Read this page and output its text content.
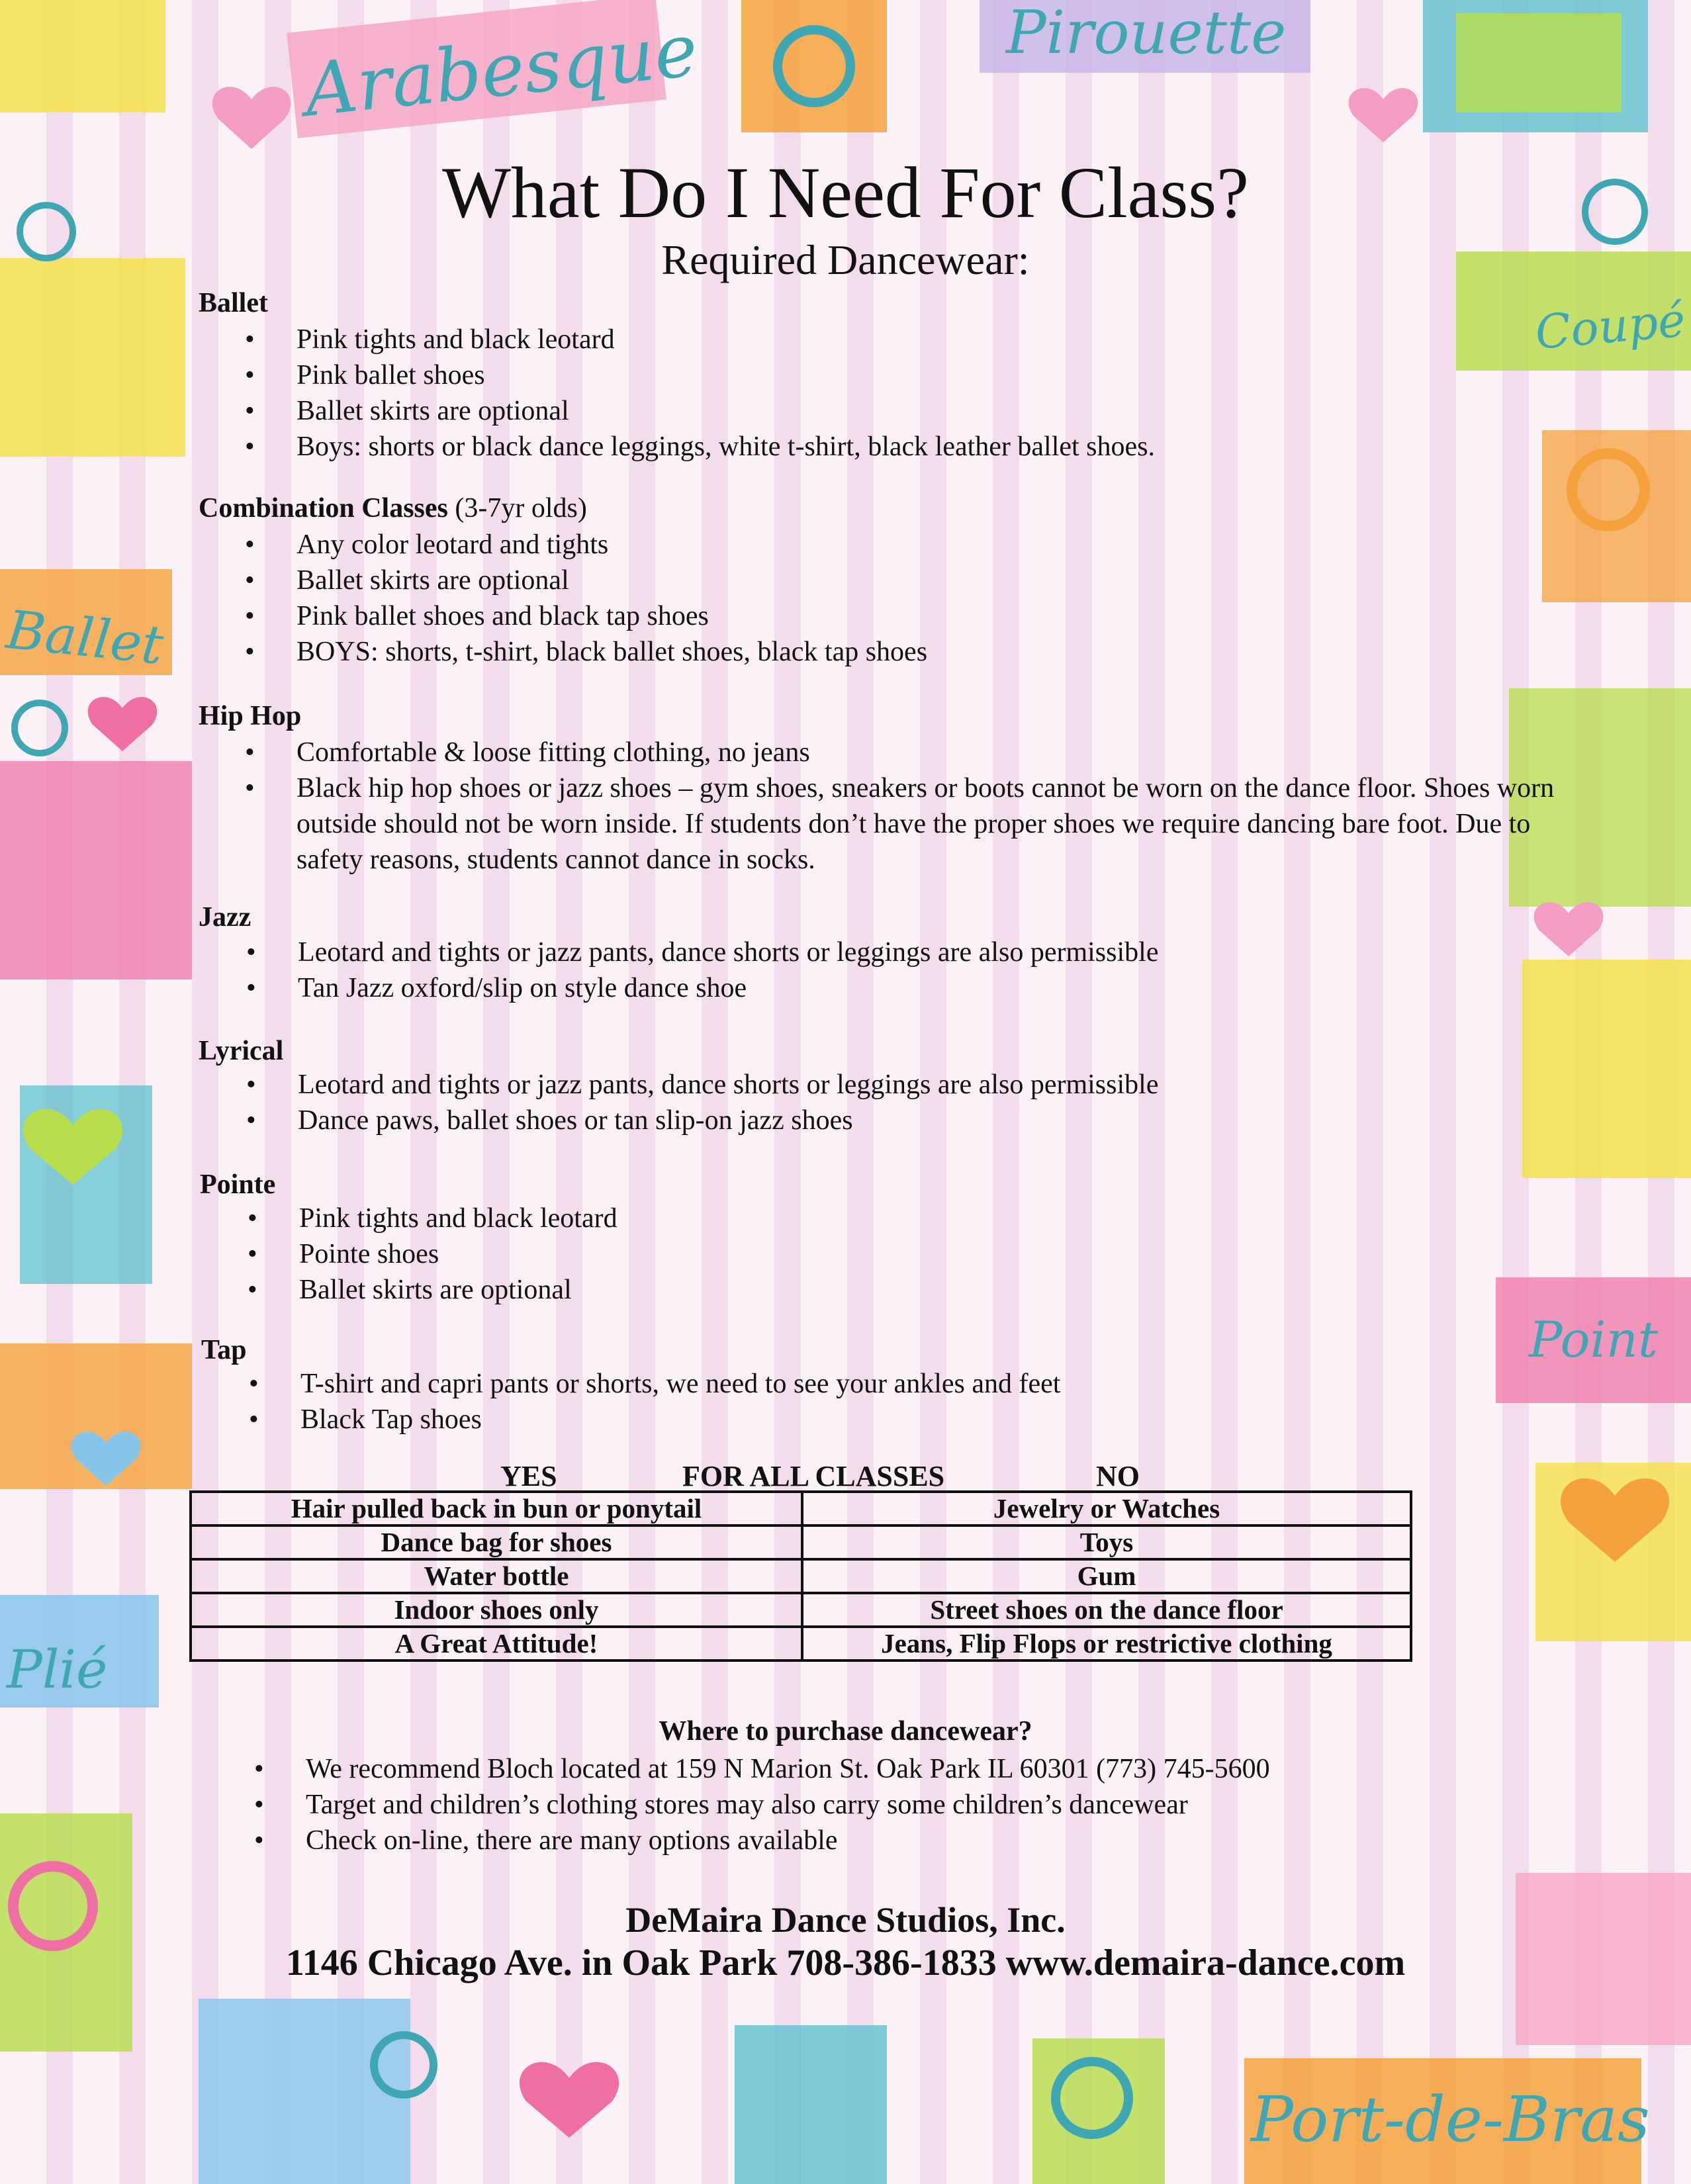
Arabesque	Pirouette
Coupé
Ballet
Plié
Point
Port-de-Bras
What Do I Need For Class?
Required Dancewear:
Ballet
• Pink tights and black leotard
• Pink ballet shoes
• Ballet skirts are optional
• Boys: shorts or black dance leggings, white t-shirt, black leather ballet shoes.
Combination Classes (3-7yr olds)
• Any color leotard and tights
• Ballet skirts are optional
• Pink ballet shoes and black tap shoes
• BOYS: shorts, t-shirt, black ballet shoes, black tap shoes
Hip Hop
• Comfortable & loose fitting clothing, no jeans
• Black hip hop shoes or jazz shoes – gym shoes, sneakers or boots cannot be worn on the dance floor. Shoes worn outside should not be worn inside. If students don’t have the proper shoes we require dancing bare foot. Due to safety reasons, students cannot dance in socks.
Jazz
• Leotard and tights or jazz pants, dance shorts or leggings are also permissible
• Tan Jazz oxford/slip on style dance shoe
Lyrical
• Leotard and tights or jazz pants, dance shorts or leggings are also permissible
• Dance paws, ballet shoes or tan slip-on jazz shoes
Pointe
• Pink tights and black leotard
• Pointe shoes
• Ballet skirts are optional
Tap
• T-shirt and capri pants or shorts, we need to see your ankles and feet
• Black Tap shoes
YES	FOR ALL CLASSES	NO
Hair pulled back in bun or ponytail	Jewelry or Watches
Dance bag for shoes	Toys
Water bottle	Gum
Indoor shoes only	Street shoes on the dance floor
A Great Attitude!	Jeans, Flip Flops or restrictive clothing
Where to purchase dancewear?
• We recommend Bloch located at 159 N Marion St. Oak Park IL 60301 (773) 745-5600
• Target and children’s clothing stores may also carry some children’s dancewear
• Check on-line, there are many options available

DeMaira Dance Studios, Inc.

1146 Chicago Ave. in Oak Park 708-386-1833 www.demaira-dance.com
